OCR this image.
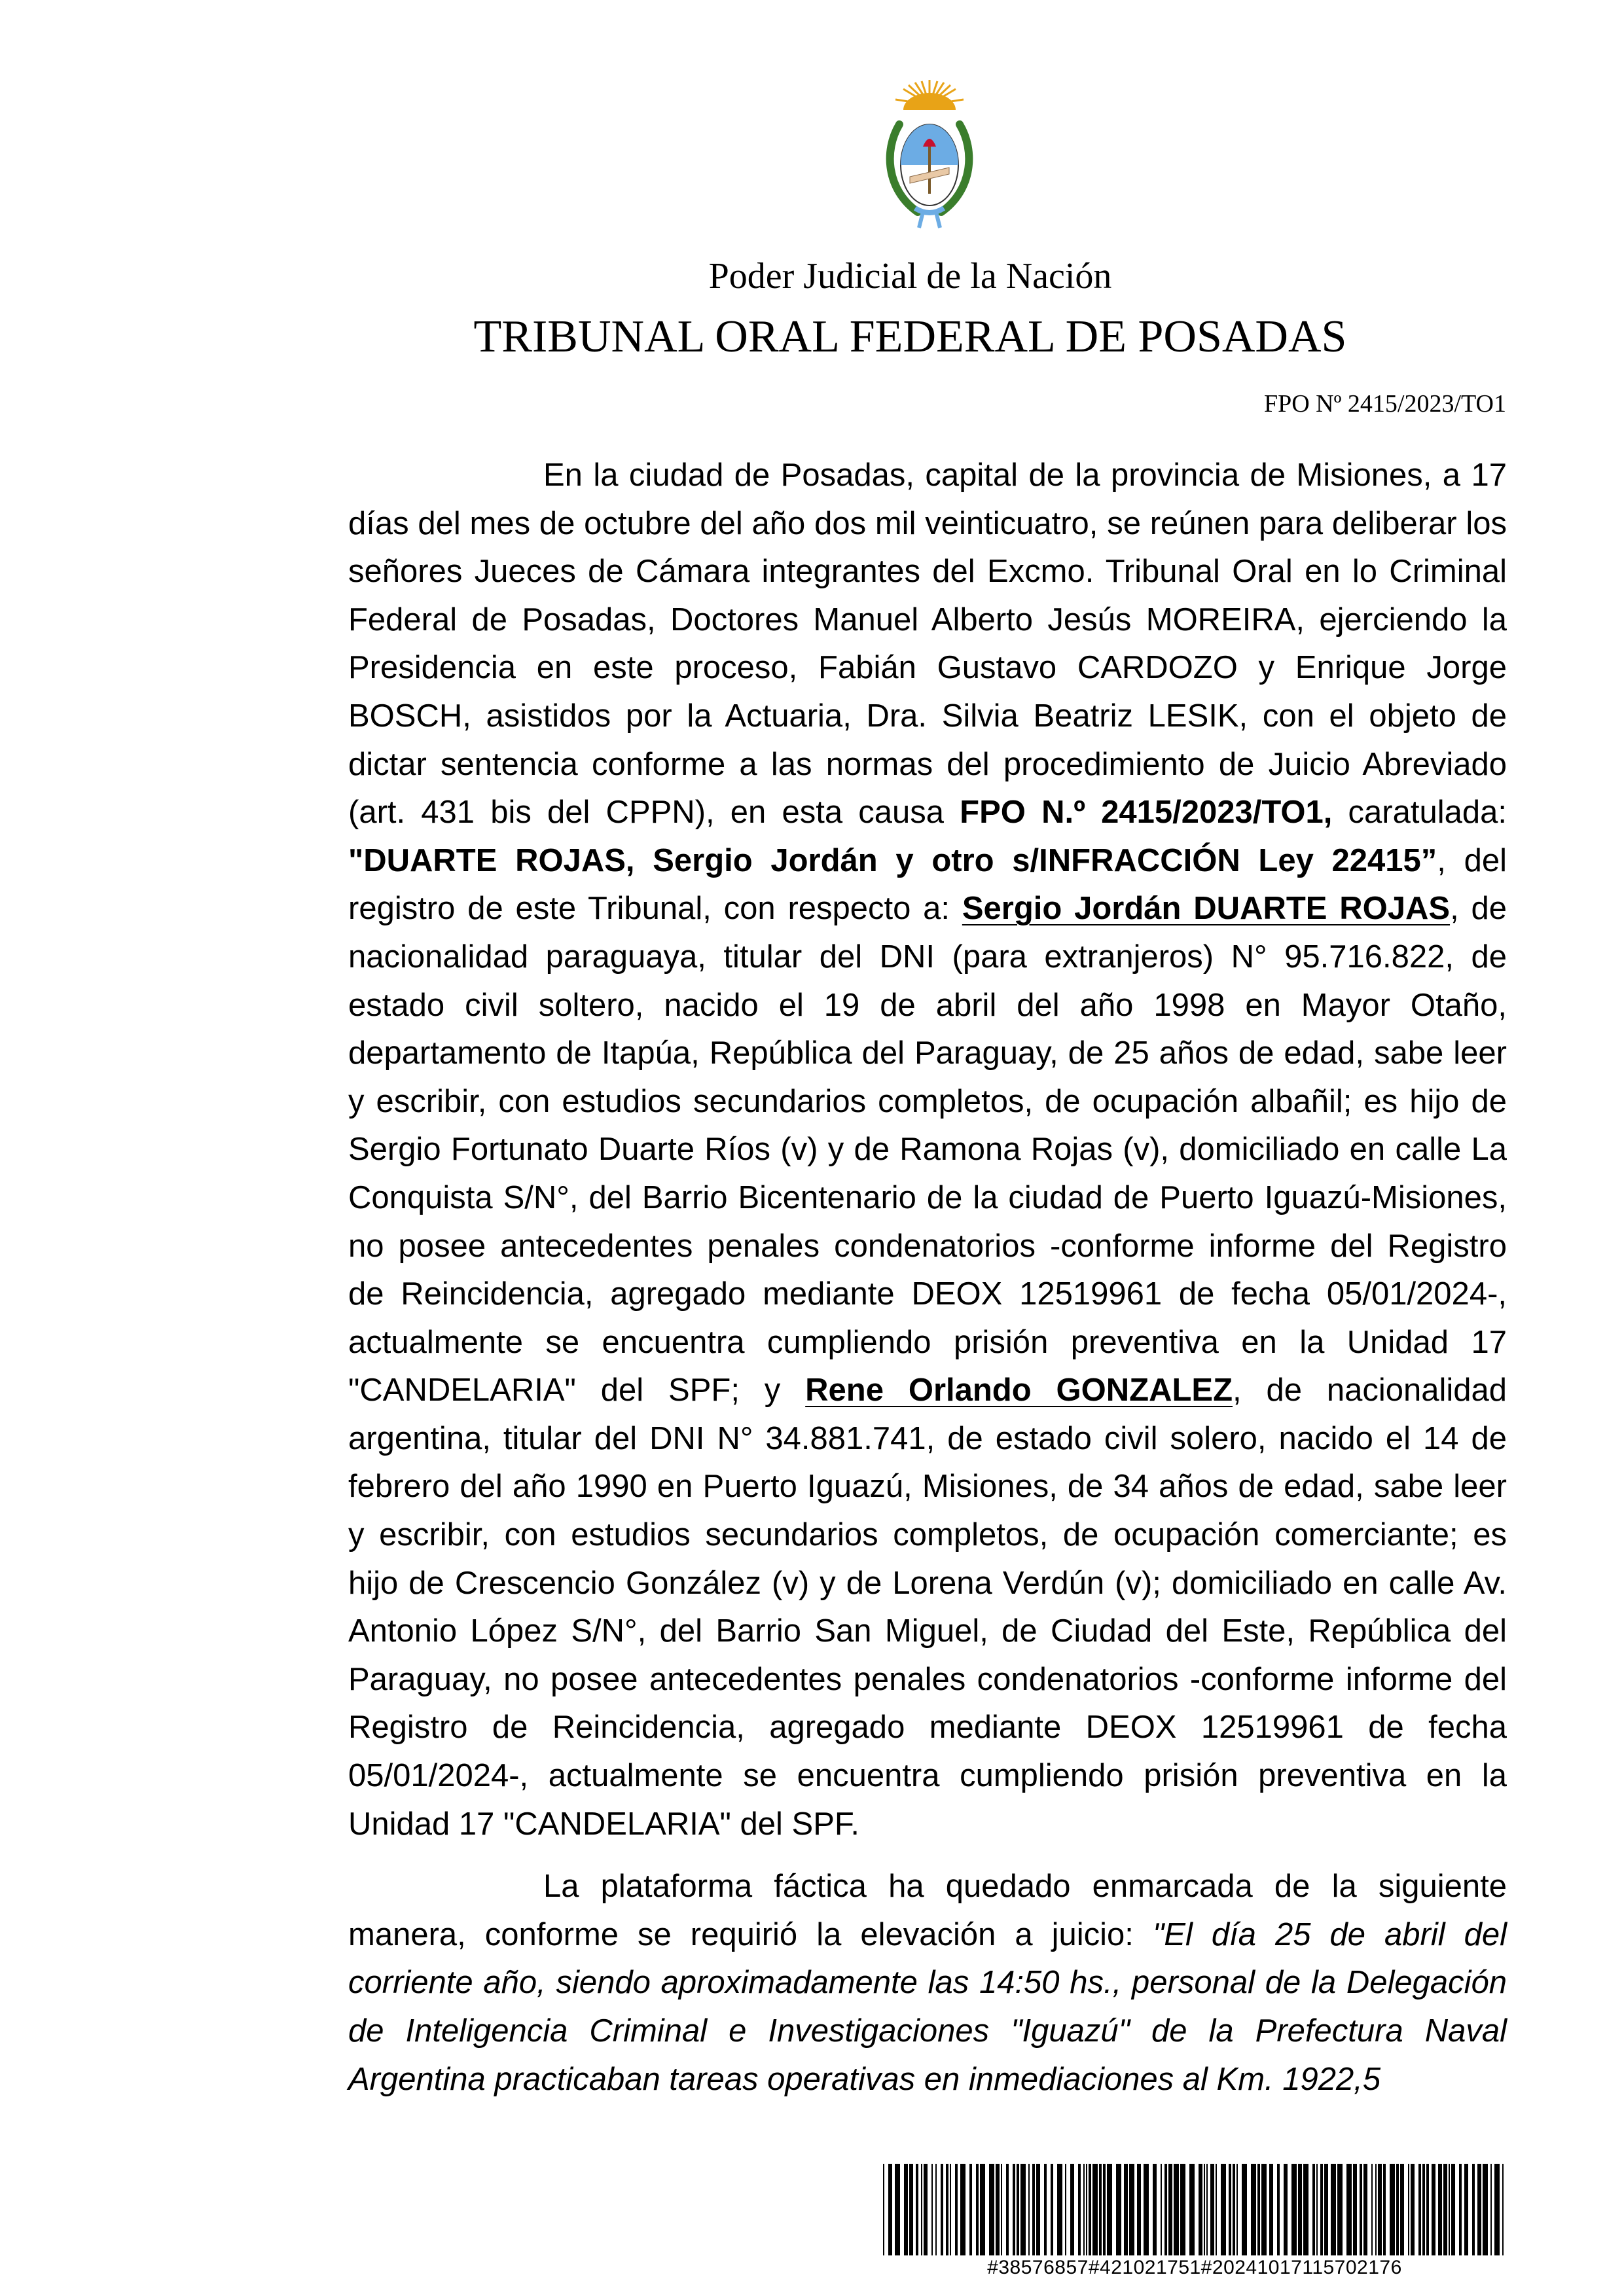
Poder Judicial de la Nación
TRIBUNAL ORAL FEDERAL DE POSADAS
FPO Nº 2415/2023/TO1

En la ciudad de Posadas, capital de la provincia de Misiones, a 17 días del mes de octubre del año dos mil veinticuatro, se reúnen para deliberar los señores Jueces de Cámara integrantes del Excmo. Tribunal Oral en lo Criminal Federal de Posadas, Doctores Manuel Alberto Jesús MOREIRA, ejerciendo la Presidencia en este proceso, Fabián Gustavo CARDOZO y Enrique Jorge BOSCH, asistidos por la Actuaria, Dra. Silvia Beatriz LESIK, con el objeto de dictar sentencia conforme a las normas del procedimiento de Juicio Abreviado (art. 431 bis del CPPN), en esta causa FPO N.º 2415/2023/TO1, caratulada: "DUARTE ROJAS, Sergio Jordán y otro s/INFRACCIÓN Ley 22415”, del registro de este Tribunal, con respecto a: Sergio Jordán DUARTE ROJAS, de nacionalidad paraguaya, titular del DNI (para extranjeros) N° 95.716.822, de estado civil soltero, nacido el 19 de abril del año 1998 en Mayor Otaño, departamento de Itapúa, República del Paraguay, de 25 años de edad, sabe leer y escribir, con estudios secundarios completos, de ocupación albañil; es hijo de Sergio Fortunato Duarte Ríos (v) y de Ramona Rojas (v), domiciliado en calle La Conquista S/N°, del Barrio Bicentenario de la ciudad de Puerto Iguazú-Misiones, no posee antecedentes penales condenatorios -conforme informe del Registro de Reincidencia, agregado mediante DEOX 12519961 de fecha 05/01/2024-, actualmente se encuentra cumpliendo prisión preventiva en la Unidad 17 "CANDELARIA" del SPF; y Rene Orlando GONZALEZ, de nacionalidad argentina, titular del DNI N° 34.881.741, de estado civil solero, nacido el 14 de febrero del año 1990 en Puerto Iguazú, Misiones, de 34 años de edad, sabe leer y escribir, con estudios secundarios completos, de ocupación comerciante; es hijo de Crescencio González (v) y de Lorena Verdún (v); domiciliado en calle Av. Antonio López S/N°, del Barrio San Miguel, de Ciudad del Este, República del Paraguay, no posee antecedentes penales condenatorios -conforme informe del Registro de Reincidencia, agregado mediante DEOX 12519961 de fecha 05/01/2024-, actualmente se encuentra cumpliendo prisión preventiva en la Unidad 17 "CANDELARIA" del SPF.

La plataforma fáctica ha quedado enmarcada de la siguiente manera, conforme se requirió la elevación a juicio: "El día 25 de abril del corriente año, siendo aproximadamente las 14:50 hs., personal de la Delegación de Inteligencia Criminal e Investigaciones "Iguazú" de la Prefectura Naval Argentina practicaban tareas operativas en inmediaciones al Km. 1922,5

#38576857#421021751#20241017115702176
